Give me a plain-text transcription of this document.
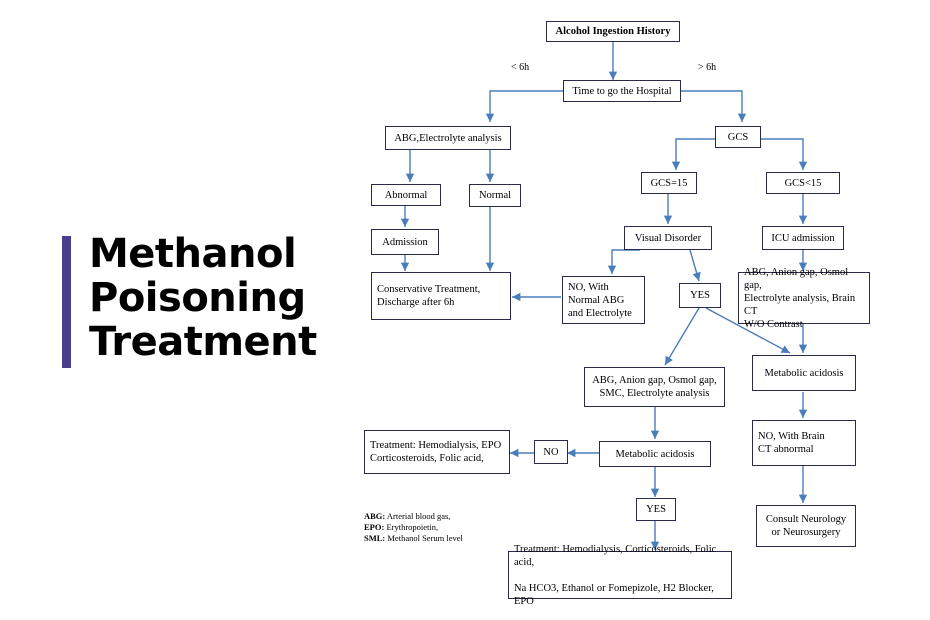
Methanol
Poisoning
Treatment
Alcohol Ingestion History
Time to go the Hospital
< 6h	> 6h
ABG,Electrolyte analysis	GCS
Abnormal	Normal
GCS=15	GCS<15
Admission	Visual Disorder	ICU admission
Conservative Treatment,
Discharge after 6h
NO, With
Normal ABG
and Electrolyte
YES
ABG, Anion gap, Osmol gap,
Electrolyte analysis, Brain CT
W/O Contrast
Metabolic acidosis
ABG, Anion gap, Osmol gap,
SMC, Electrolyte analysis
NO, With Brain
CT abnormal
Treatment: Hemodialysis, EPO
Corticosteroids, Folic acid,
NO	Metabolic acidosis
Consult Neurology
or Neurosurgery
YES
Treatment: Hemodialysis, Corticosteroids, Folic acid,

Na HCO3, Ethanol or Fomepizole, H2 Blocker, EPO
ABG: Arterial blood gas,
EPO: Erythropoietin,
SML: Methanol Serum level
